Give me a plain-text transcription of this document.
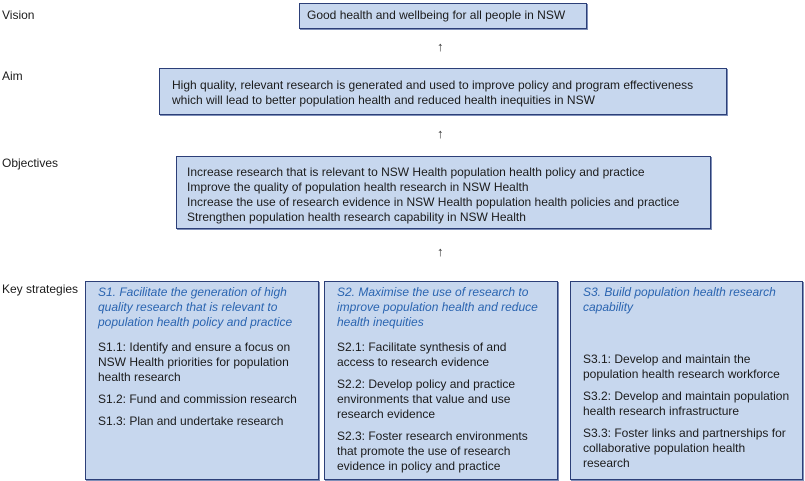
Vision
Aim
Objectives
Key strategies
Good health and wellbeing for all people in NSW
↑
High quality, relevant research is generated and used to improve policy and program effectiveness
which will lead to better population health and reduced health inequities in NSW
↑
Increase research that is relevant to NSW Health population health policy and practice
Improve the quality of population health research in NSW Health
Increase the use of research evidence in NSW Health population health policies and practice
Strengthen population health research capability in NSW Health
↑
S1. Facilitate the generation of high quality research that is relevant to population health policy and practice
S1.1: Identify and ensure a focus on NSW Health priorities for population health research
S1.2: Fund and commission research
S1.3: Plan and undertake research
S2. Maximise the use of research to improve population health and reduce health inequities
S2.1: Facilitate synthesis of and access to research evidence
S2.2: Develop policy and practice environments that value and use research evidence
S2.3: Foster research environments that promote the use of research evidence in policy and practice
S3. Build population health research capability
S3.1: Develop and maintain the population health research workforce
S3.2: Develop and maintain population health research infrastructure
S3.3: Foster links and partnerships for collaborative population health research
